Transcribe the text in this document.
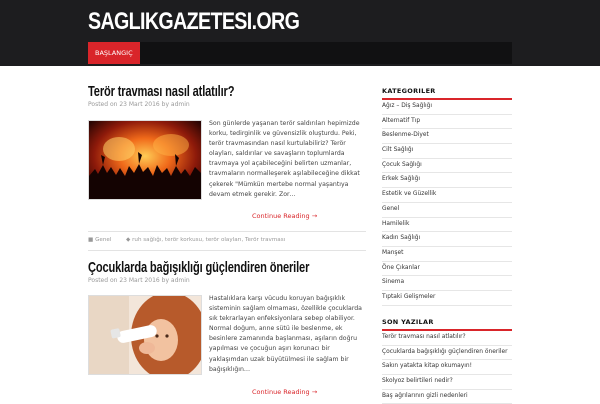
SAGLIKGAZETESI.ORG
BAŞLANGIÇ
Terör travması nasıl atlatılır?
Posted on 23 Mart 2016 by admin
Son günlerde yaşanan terör saldırıları hepimizde korku, tedirginlik ve güvensizlik oluşturdu. Peki, terör travmasından nasıl kurtulabiliriz? Terör olayları, saldırılar ve savaşların toplumlarda travmaya yol açabileceğini belirten uzmanlar, travmaların normalleşerek aşılabileceğine dikkat çekerek "Mümkün mertebe normal yaşantıya devam etmek gerekir. Zor…
Continue Reading →
■ Genel	◆ ruh sağlığı, terör korkusu, terör olayları, Terör travması
Çocuklarda bağışıklığı güçlendiren öneriler
Posted on 23 Mart 2016 by admin
Hastalıklara karşı vücudu koruyan bağışıklık sisteminin sağlam olmaması, özellikle çocuklarda sık tekrarlayan enfeksiyonlara sebep olabiliyor. Normal doğum, anne sütü ile beslenme, ek besinlere zamanında başlanması, aşıların doğru yapılması ve çocuğun aşırı korunacı bir yaklaşımdan uzak büyütülmesi ile sağlam bir bağışıklığın…
Continue Reading →
KATEGORILER
Ağız – Diş Sağlığı
Alternatif Tıp
Beslenme-Diyet
Cilt Sağlığı
Çocuk Sağlığı
Erkek Sağlığı
Estetik ve Güzellik
Genel
Hamilelik
Kadın Sağlığı
Manşet
Öne Çıkanlar
Sinema
Tıptaki Gelişmeler
SON YAZILAR
Terör travması nasıl atlatılır?
Çocuklarda bağışıklığı güçlendiren öneriler
Sakın yatakta kitap okumayın!
Skolyoz belirtileri nedir?
Baş ağrılarının gizli nedenleri
